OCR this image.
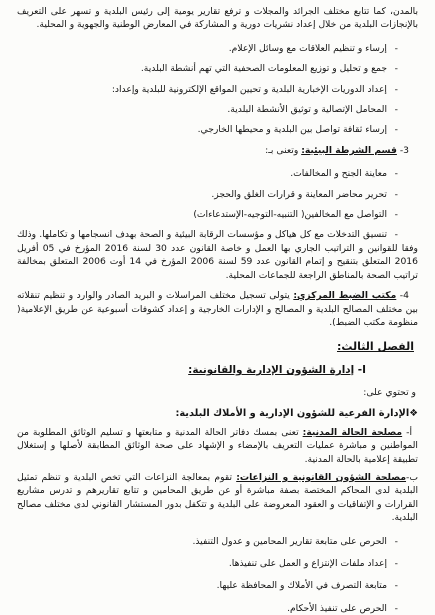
بالمدن، كما تتابع مختلف الجرائد والمجلات و ترفع تقارير يومية إلى رئيس البلدية و تسهر على التعريف بالإنجازات البلدية من خلال إعداد نشريات دورية و المشاركة في المعارض الوطنية والجهوية و المحلية.

-إرساء و تنظيم العلاقات مع وسائل الإعلام.
-جمع و تحليل و توزيع المعلومات الصحفية التي تهم أنشطة البلدية.
-إعداد الدوريات الإخبارية البلدية و تحيين المواقع الإلكترونية للبلدية وإعداد:
-المحامل الإتصالية و توثيق الأنشطة البلدية.
-إرساء ثقافة تواصل بين البلدية و محيطها الخارجي.

3- قسم الشرطة البيئية: وتعنى بـ:

-معاينة الجنح و المخالفات.
-تحرير محاضر المعاينة و قرارات الغلق والحجز.
-التواصل مع المخالفين( التنبيه-التوجيه-الإستدعاءات)
-تنسيق التدخلات مع كل هياكل و مؤسسات الرقابة البيئية و الصحة بهدف انسجامها و تكاملها. وذلك وفقا للقوانين و التراتيب الجاري بها العمل و خاصة القانون عدد 30 لسنة 2016 المؤرخ في 05 أفريل 2016 المتعلق بتنقيح و إتمام القانون عدد 59 لسنة 2006 المؤرخ في 14 أوت 2006 المتعلق بمخالفة تراتيب الصحة بالمناطق الراجعة للجماعات المحلية.

4- مكتب الضبط المركزي: يتولى تسجيل مختلف المراسلات و البريد الصادر والوارد و تنظيم تنقلاته بين مختلف المصالح البلدية و المصالح و الإدارات الخارجية و إعداد كشوفات أسبوعية عن طريق الإعلامية( منظومة مكتب الضبط).

الفصل الثالث:

I- إدارة الشؤون الإدارية والقانونية:

و تحتوي على:

❖الإدارة الفرعية للشؤون الإدارية و الأملاك البلدية:

أ- مصلحة الحالة المدنية: تعنى بمسك دفاتر الحالة المدنية و متابعتها و تسليم الوثائق المطلوبة من المواطنين و مباشرة عمليات التعريف بالإمضاء و الإشهاد على صحة الوثائق المطابقة لأصلها و إستغلال تطبيقة إعلامية بالحالة المدنية.

ب-مصلحة الشؤون القانونية و النزاعات: تقوم بمعالجة النزاعات التي تخص البلدية و تنظم تمثيل البلدية لدى المحاكم المختصة بصفة مباشرة أو عن طريق المحامين و تتابع تقاريرهم و تدرس مشاريع القرارات و الإتفاقيات و العقود المعروضة على البلدية و تتكفل بدور المستشار القانوني لدى مختلف مصالح البلدية.

-الحرص على متابعة تقارير المحامين و عدول التنفيذ.
-إعداد ملفات الإنتزاع و العمل على تنفيذها.
-متابعة التصرف في الأملاك و المحافظة عليها.
-الحرص على تنفيذ الأحكام.
